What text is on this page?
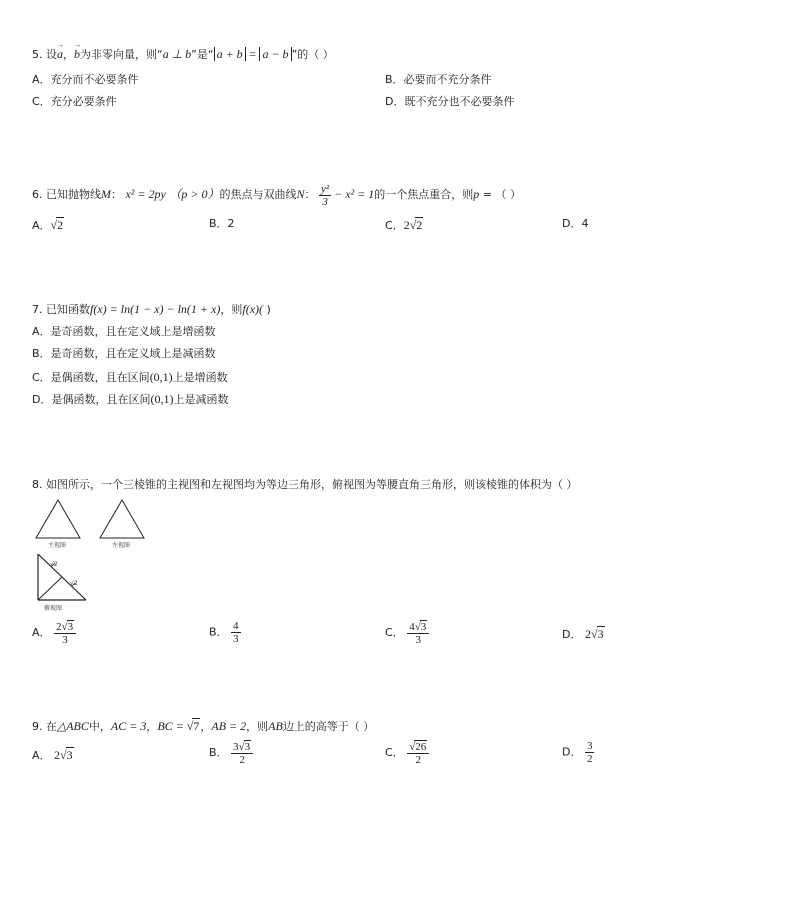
5. 设→ a，→ b为非零向量，则“a ⊥ b”是“ a + b = a − b ”的（ ）
A．充分而不必要条件	B．必要而不充分条件
C．充分必要条件	D．既不充分也不必要条件
6. 已知抛物线M： x² = 2py （p > 0）的焦点与双曲线N： $\frac{\text{y²}}{3} - x^2 = 1$的一个焦点重合，则p = （ ）
A．√2	B．2	C．2√2	D．4
7. 已知函数f(x) = ln(1 − x) − ln(1 + x)，则f(x)( )
A．是奇函数，且在定义域上是增函数
B．是奇函数，且在定义域上是减函数
C．是偶函数，且在区间(0,1)上是增函数
D．是偶函数，且在区间(0,1)上是减函数
8. 如图所示，一个三棱锥的主视图和左视图均为等边三角形，俯视图为等腰直角三角形，则该棱锥的体积为（ ）
主视图	左视图
√2
√2
俯视图
A． $\frac{2√3}{3}$	B． $\frac{4}{3}$	C． $\frac{4√3}{3}$	D． 2√3
9. 在△ABC中，AC = 3，BC = √7，AB = 2，则AB边上的高等于（ ）
A． 2√3	B． $\frac{3√3}{2}$	C． $\frac{√26}{2}$	D． $\frac{3}{2}$
